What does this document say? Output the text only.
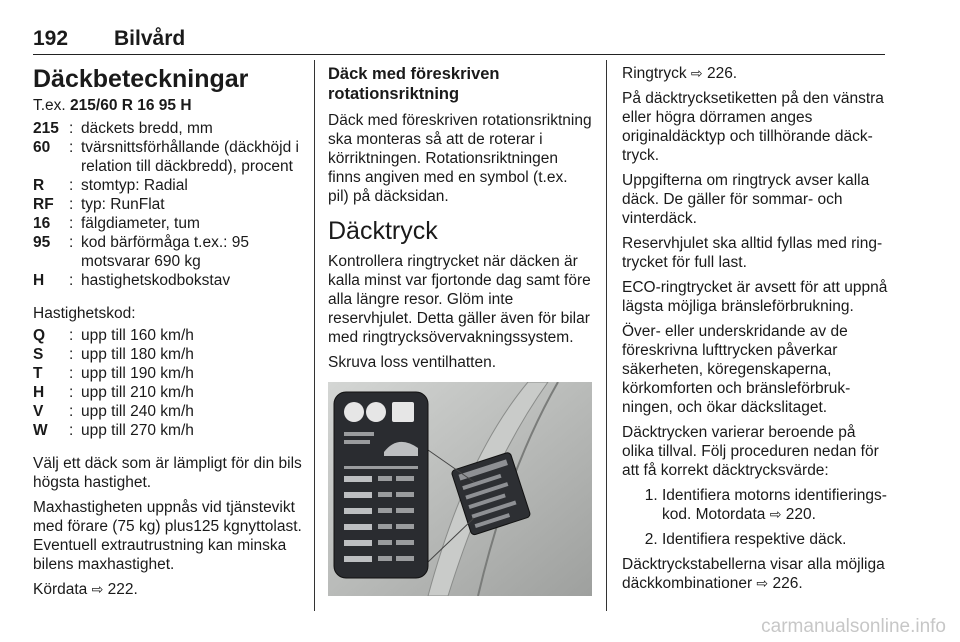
192 Bilvård
Däckbeteckningar

T.ex. 215/60 R 16 95 H

215 : däckets bredd, mm
60	: tvärsnittsförhållande (däckhöjd i relation till däckbredd), procent
R	: stomtyp: Radial
RF : typ: RunFlat
16	: fälgdiameter, tum
95	: kod bärförmåga t.ex.: 95 motsvarar 690 kg
H	: hastighetskodbokstav

Hastighetskod:

Q	: upp till 160 km/h
S	: upp till 180 km/h
T	: upp till 190 km/h
H	: upp till 210 km/h
V	: upp till 240 km/h
W	: upp till 270 km/h

Välj ett däck som är lämpligt för din bils högsta hastighet.

Maxhastigheten uppnås vid tjänstevikt med förare (75 kg) plus125 kgnyttolast. Eventuell extrautrustning kan minska bilens maxhastighet.

Kördata ⇨ 222.

Däck med föreskriven rotationsriktning

Däck med föreskriven rotationsriktning ska monteras så att de roterar i körriktningen. Rotationsriktningen finns angiven med en symbol (t.ex. pil) på däcksidan.

Däcktryck

Kontrollera ringtrycket när däcken är kalla minst var fjortonde dag samt före alla längre resor. Glöm inte reservhjulet. Detta gäller även för bilar med ringtrycksövervakningssystem.

Skruva loss ventilhatten.

Ringtryck ⇨ 226.

På däcktrycksetiketten på den vänstra eller högra dörramen anges originaldäcktyp och tillhörande däcktryck.

Uppgifterna om ringtryck avser kalla däck. De gäller för sommar- och vinterdäck.

Reservhjulet ska alltid fyllas med ringtrycket för full last.

ECO-ringtrycket är avsett för att uppnå lägsta möjliga bränsleförbrukning.

Över- eller underskridande av de föreskrivna lufttrycken påverkar säkerheten, köregenskaperna, körkomforten och bränsleförbrukningen, och ökar däckslitaget.

Däcktrycken varierar beroende på olika tillval. Följ proceduren nedan för att få korrekt däcktrycksvärde:

1. Identifiera motorns identifieringskod. Motordata ⇨ 220.
2. Identifiera respektive däck.

Däcktryckstabellerna visar alla möjliga däckkombinationer ⇨ 226.

carmanualsonline.info
